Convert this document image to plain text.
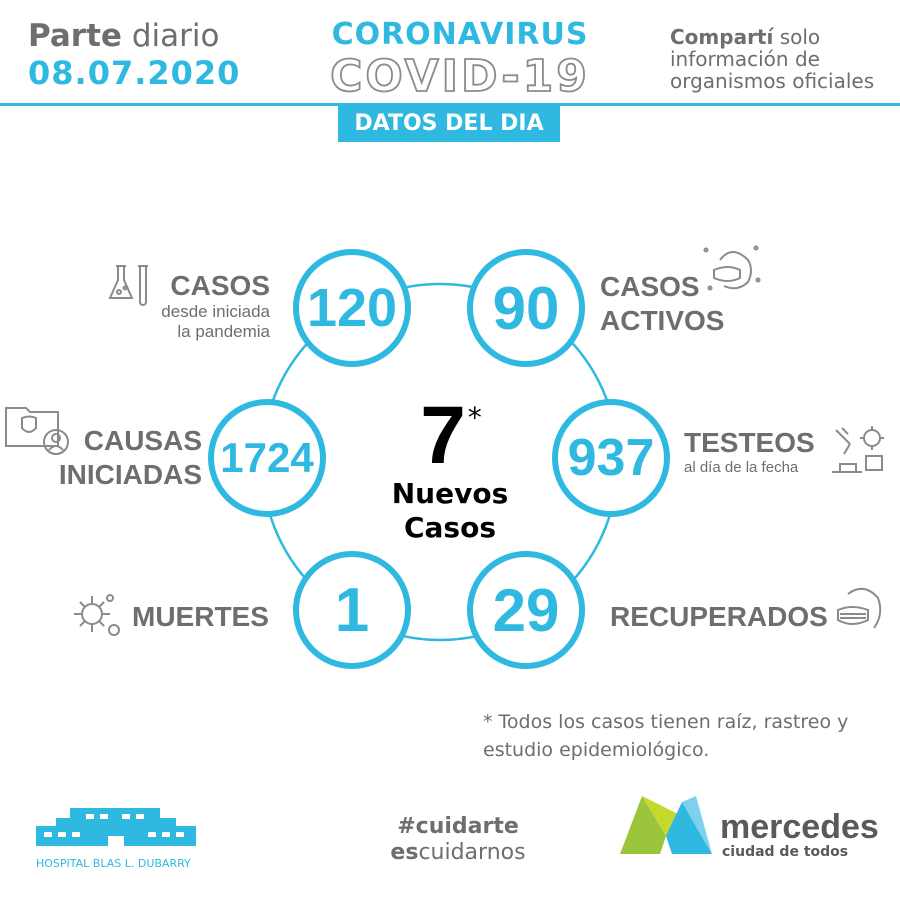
Parte diario
08.07.2020
CORONAVIRUS
COVID-19
Compartí solo
información de
organismos oficiales
DATOS DEL DIA
120	90
1724	937
1	29
7*
Nuevos
Casos
CASOS
desde iniciada
la pandemia
CASOS
ACTIVOS
CAUSAS
INICIADAS
TESTEOS
al día de la fecha
MUERTES	RECUPERADOS
* Todos los casos tienen raíz, rastreo y
estudio epidemiológico.
HOSPITAL BLAS L. DUBARRY
#cuidarte
escuidarnos
mercedes
ciudad de todos
